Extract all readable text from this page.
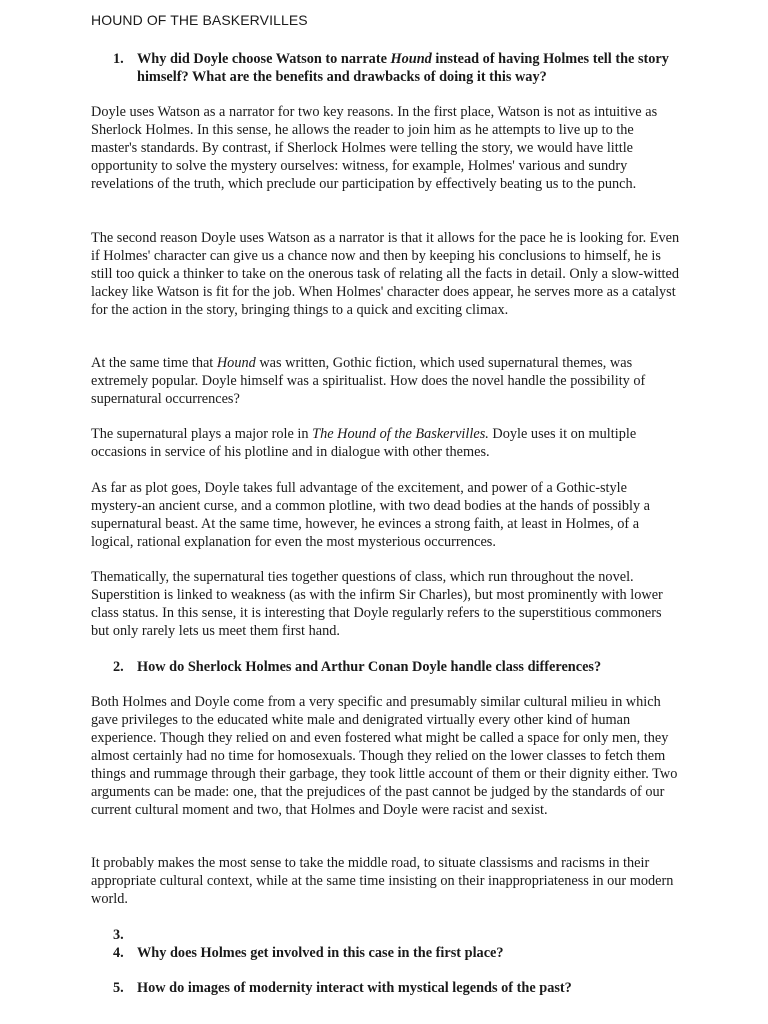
HOUND OF THE BASKERVILLES
1. Why did Doyle choose Watson to narrate Hound instead of having Holmes tell the story himself? What are the benefits and drawbacks of doing it this way?
Doyle uses Watson as a narrator for two key reasons. In the first place, Watson is not as intuitive as Sherlock Holmes. In this sense, he allows the reader to join him as he attempts to live up to the master's standards. By contrast, if Sherlock Holmes were telling the story, we would have little opportunity to solve the mystery ourselves: witness, for example, Holmes' various and sundry revelations of the truth, which preclude our participation by effectively beating us to the punch.
The second reason Doyle uses Watson as a narrator is that it allows for the pace he is looking for. Even if Holmes' character can give us a chance now and then by keeping his conclusions to himself, he is still too quick a thinker to take on the onerous task of relating all the facts in detail. Only a slow-witted lackey like Watson is fit for the job. When Holmes' character does appear, he serves more as a catalyst for the action in the story, bringing things to a quick and exciting climax.
At the same time that Hound was written, Gothic fiction, which used supernatural themes, was extremely popular. Doyle himself was a spiritualist. How does the novel handle the possibility of supernatural occurrences?
The supernatural plays a major role in The Hound of the Baskervilles. Doyle uses it on multiple occasions in service of his plotline and in dialogue with other themes.
As far as plot goes, Doyle takes full advantage of the excitement, and power of a Gothic-style mystery-an ancient curse, and a common plotline, with two dead bodies at the hands of possibly a supernatural beast. At the same time, however, he evinces a strong faith, at least in Holmes, of a logical, rational explanation for even the most mysterious occurrences.
Thematically, the supernatural ties together questions of class, which run throughout the novel. Superstition is linked to weakness (as with the infirm Sir Charles), but most prominently with lower class status. In this sense, it is interesting that Doyle regularly refers to the superstitious commoners but only rarely lets us meet them first hand.
2. How do Sherlock Holmes and Arthur Conan Doyle handle class differences?
Both Holmes and Doyle come from a very specific and presumably similar cultural milieu in which gave privileges to the educated white male and denigrated virtually every other kind of human experience. Though they relied on and even fostered what might be called a space for only men, they almost certainly had no time for homosexuals. Though they relied on the lower classes to fetch them things and rummage through their garbage, they took little account of them or their dignity either. Two arguments can be made: one, that the prejudices of the past cannot be judged by the standards of our current cultural moment and two, that Holmes and Doyle were racist and sexist.
It probably makes the most sense to take the middle road, to situate classisms and racisms in their appropriate cultural context, while at the same time insisting on their inappropriateness in our modern world.
3.
4. Why does Holmes get involved in this case in the first place?
5. How do images of modernity interact with mystical legends of the past?
